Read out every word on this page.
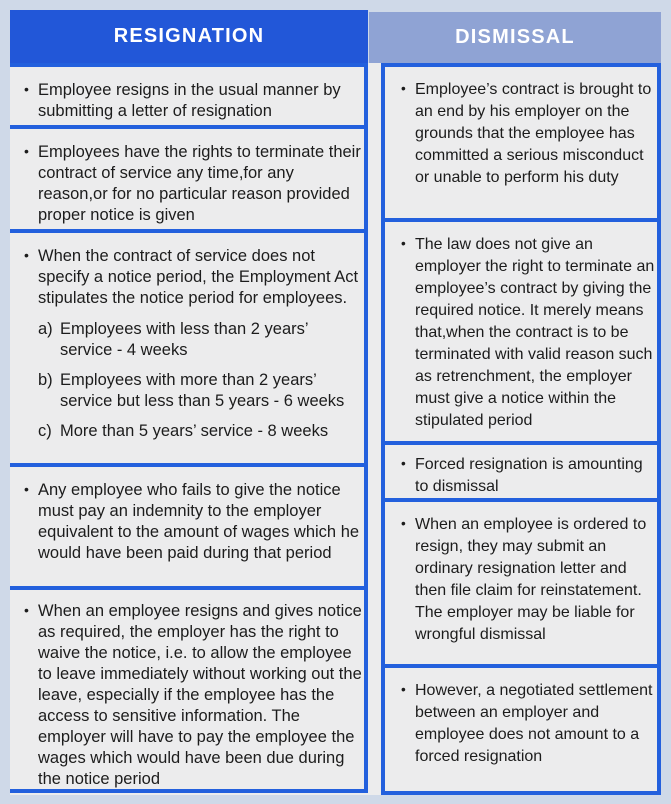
RESIGNATION	DISMISSAL
• Employee resigns in the usual manner by submitting a letter of resignation
• Employees have the rights to terminate their contract of service any time,for any reason,or for no particular reason provided proper notice is given
• When the contract of service does not specify a notice period, the Employment Act stipulates the notice period for employees.
a) Employees with less than 2 years’ service - 4 weeks
b) Employees with more than 2 years’ service but less than 5 years - 6 weeks
c) More than 5 years’ service - 8 weeks
• Any employee who fails to give the notice must pay an indemnity to the employer equivalent to the amount of wages which he would have been paid during that period
• When an employee resigns and gives notice as required, the employer has the right to waive the notice, i.e. to allow the employee to leave immediately without working out the leave, especially if the employee has the access to sensitive information. The employer will have to pay the employee the wages which would have been due during the notice period
• Employee’s contract is brought to an end by his employer on the grounds that the employee has committed a serious misconduct or unable to perform his duty
• The law does not give an employer the right to terminate an employee’s contract by giving the required notice. It merely means that,when the contract is to be terminated with valid reason such as retrenchment, the employer must give a notice within the stipulated period
• Forced resignation is amounting to dismissal
• When an employee is ordered to resign, they may submit an ordinary resignation letter and then file claim for reinstatement. The employer may be liable for wrongful dismissal
• However, a negotiated settlement between an employer and employee does not amount to a forced resignation
